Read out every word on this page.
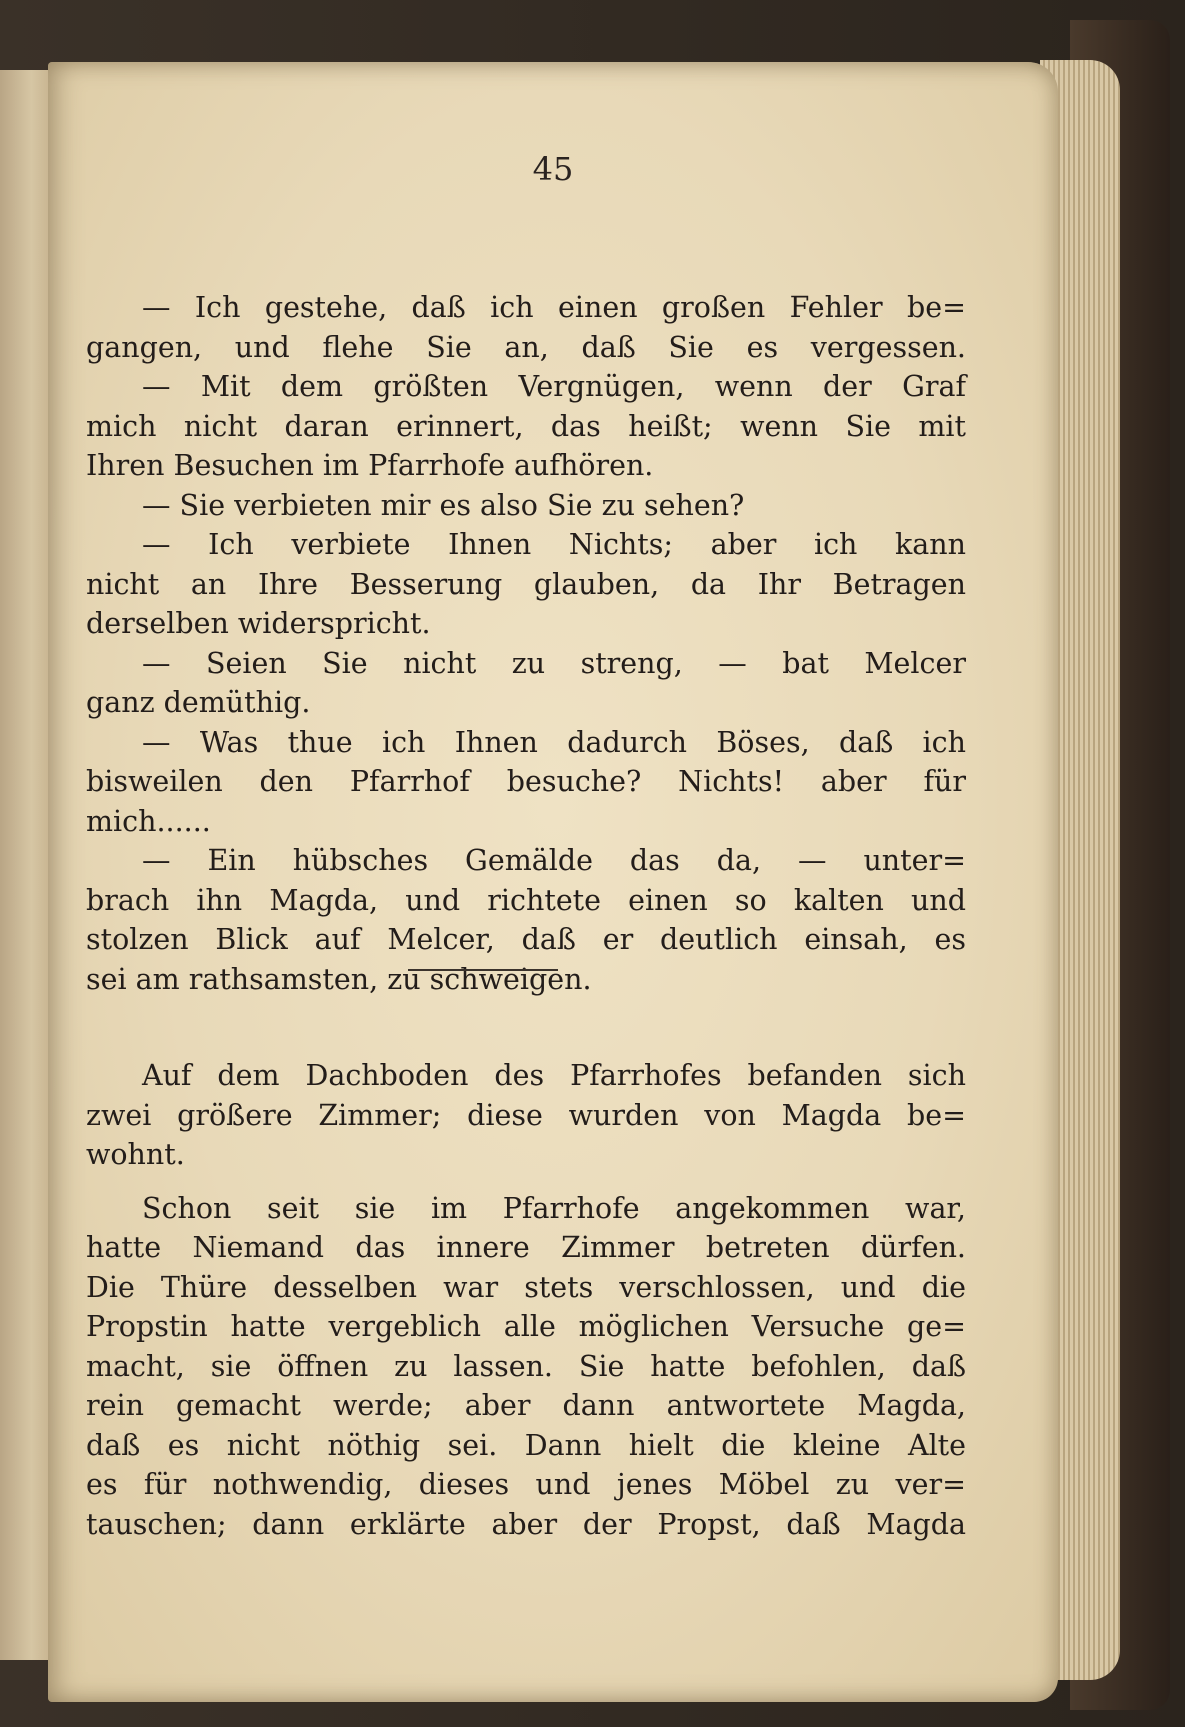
45
— Ich gestehe, daß ich einen großen Fehler be=
gangen, und flehe Sie an, daß Sie es vergessen.
— Mit dem größten Vergnügen, wenn der Graf
mich nicht daran erinnert, das heißt; wenn Sie mit
Ihren Besuchen im Pfarrhofe aufhören.
— Sie verbieten mir es also Sie zu sehen?
— Ich verbiete Ihnen Nichts; aber ich kann
nicht an Ihre Besserung glauben, da Ihr Betragen
derselben widerspricht.
— Seien Sie nicht zu streng, — bat Melcer
ganz demüthig.
— Was thue ich Ihnen dadurch Böses, daß ich
bisweilen den Pfarrhof besuche? Nichts! aber für
mich......
— Ein hübsches Gemälde das da, — unter=
brach ihn Magda, und richtete einen so kalten und
stolzen Blick auf Melcer, daß er deutlich einsah, es
sei am rathsamsten, zu schweigen.
Auf dem Dachboden des Pfarrhofes befanden sich
zwei größere Zimmer; diese wurden von Magda be=
wohnt.
Schon seit sie im Pfarrhofe angekommen war,
hatte Niemand das innere Zimmer betreten dürfen.
Die Thüre desselben war stets verschlossen, und die
Propstin hatte vergeblich alle möglichen Versuche ge=
macht, sie öffnen zu lassen. Sie hatte befohlen, daß
rein gemacht werde; aber dann antwortete Magda,
daß es nicht nöthig sei. Dann hielt die kleine Alte
es für nothwendig, dieses und jenes Möbel zu ver=
tauschen; dann erklärte aber der Propst, daß Magda
